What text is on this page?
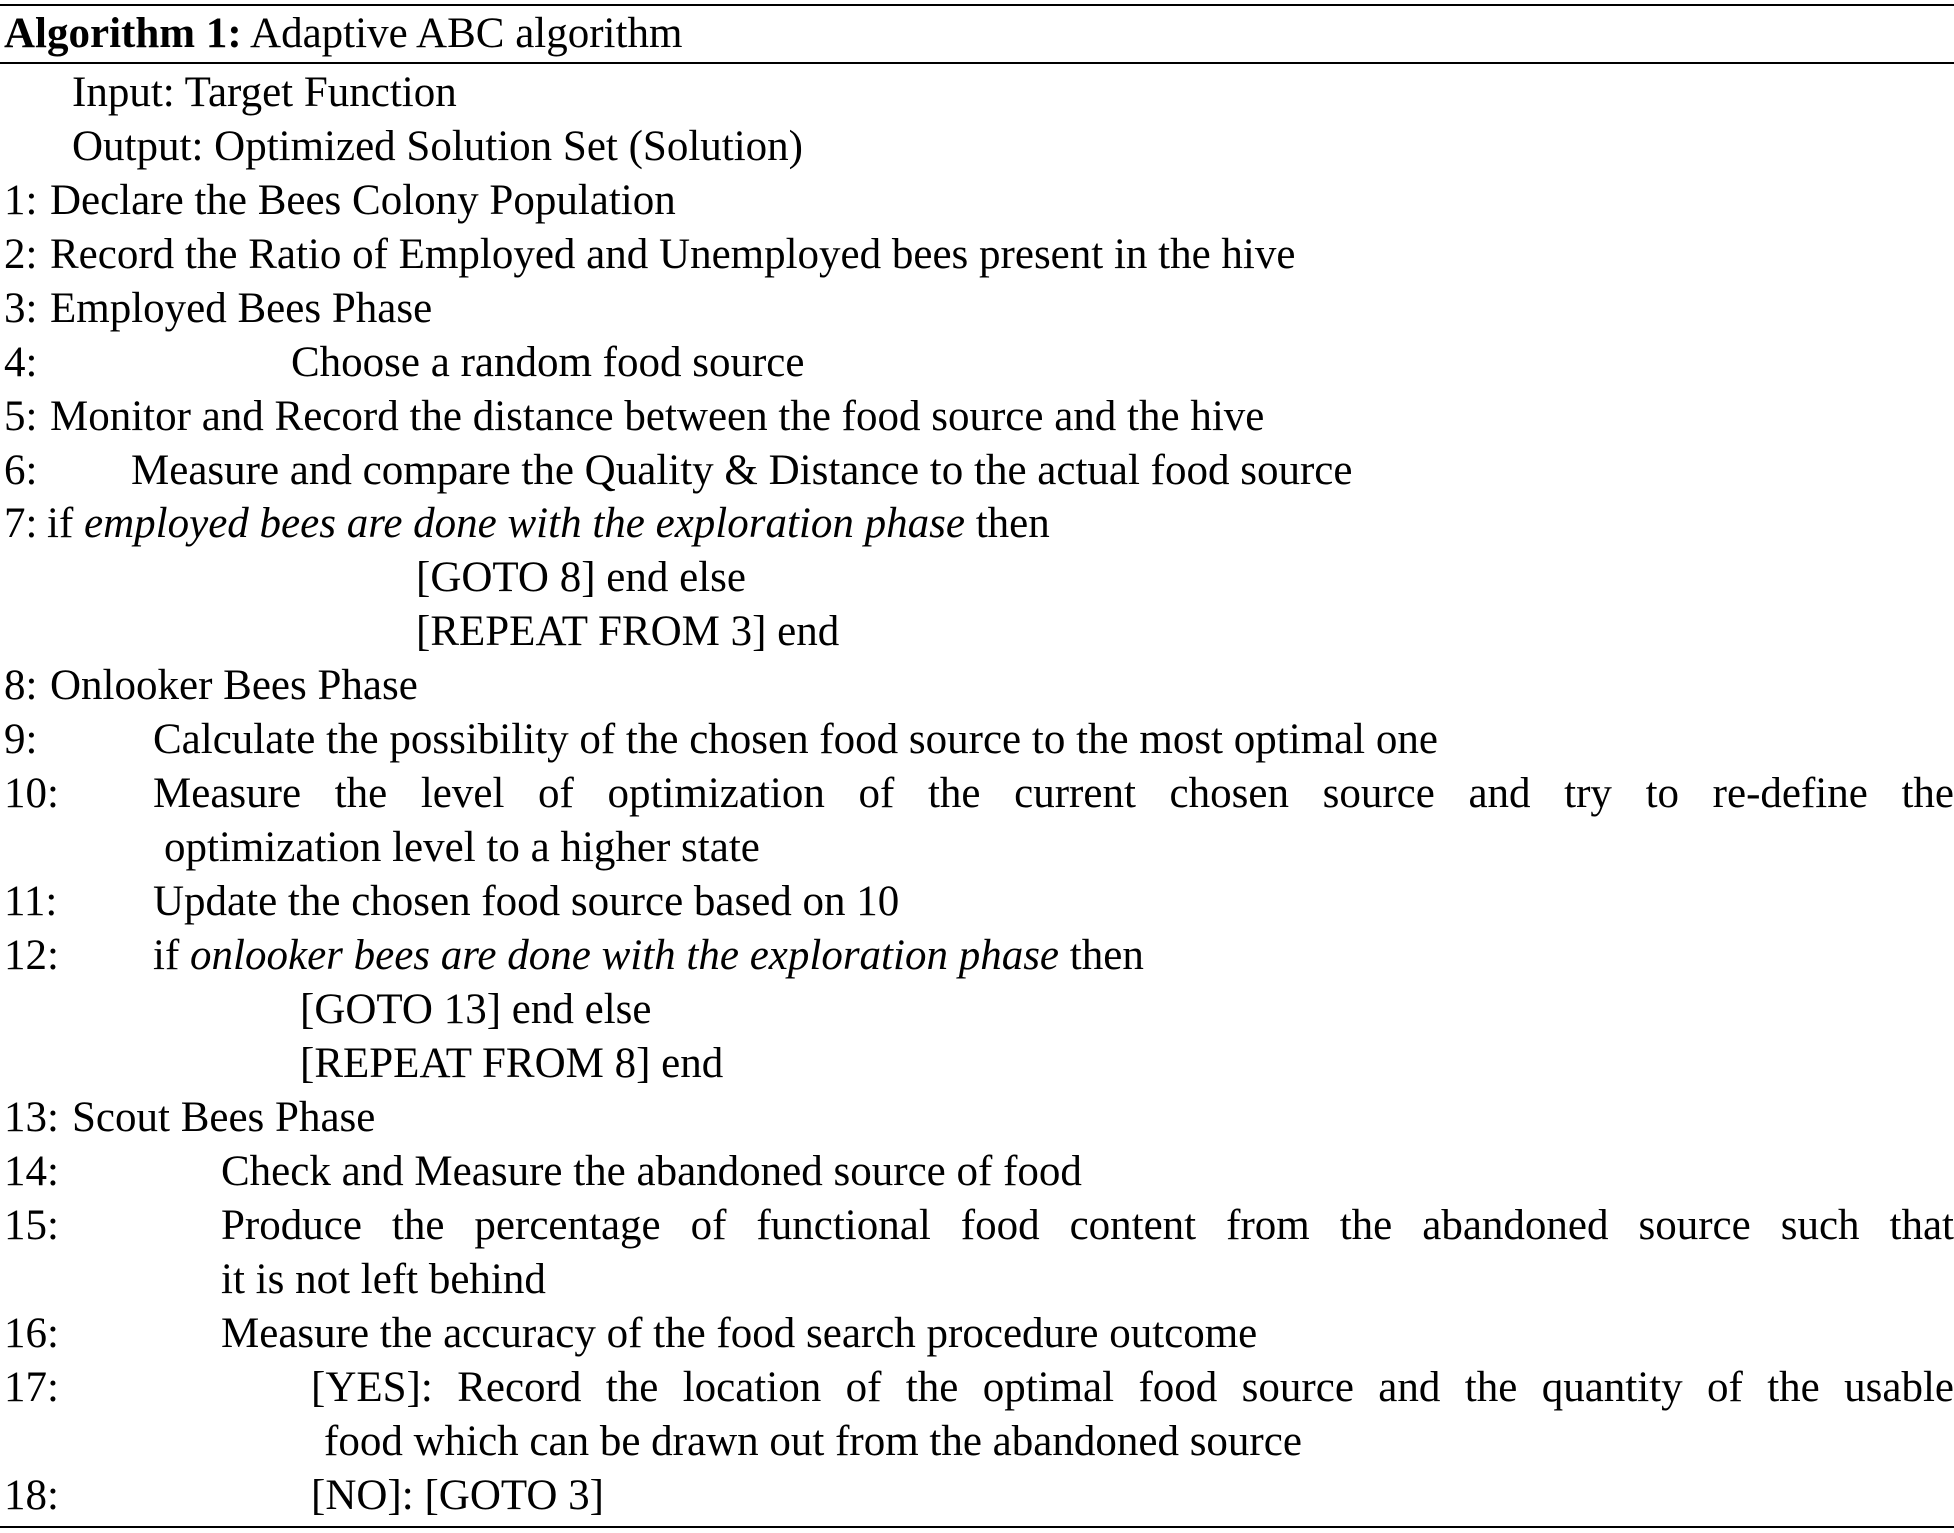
Algorithm 1: Adaptive ABC algorithm
Input: Target Function
Output: Optimized Solution Set (Solution)
1: Declare the Bees Colony Population
2: Record the Ratio of Employed and Unemployed bees present in the hive
3: Employed Bees Phase
4:	Choose a random food source
5: Monitor and Record the distance between the food source and the hive
6: Measure and compare the Quality & Distance to the actual food source
7: if employed bees are done with the exploration phase then
[GOTO 8] end else
[REPEAT FROM 3] end
8: Onlooker Bees Phase
9:	Calculate the possibility of the chosen food source to the most optimal one
10: Measure the level of optimization of the current chosen source and try to re-define the
optimization level to a higher state
11: Update the chosen food source based on 10
12: if onlooker bees are done with the exploration phase then
[GOTO 13] end else
[REPEAT FROM 8] end
13: Scout Bees Phase
14:	Check and Measure the abandoned source of food
15:	Produce the percentage of functional food content from the abandoned source such that
it is not left behind
16:	Measure the accuracy of the food search procedure outcome
17:	[YES]: Record the location of the optimal food source and the quantity of the usable
food which can be drawn out from the abandoned source
18:	[NO]: [GOTO 3]
